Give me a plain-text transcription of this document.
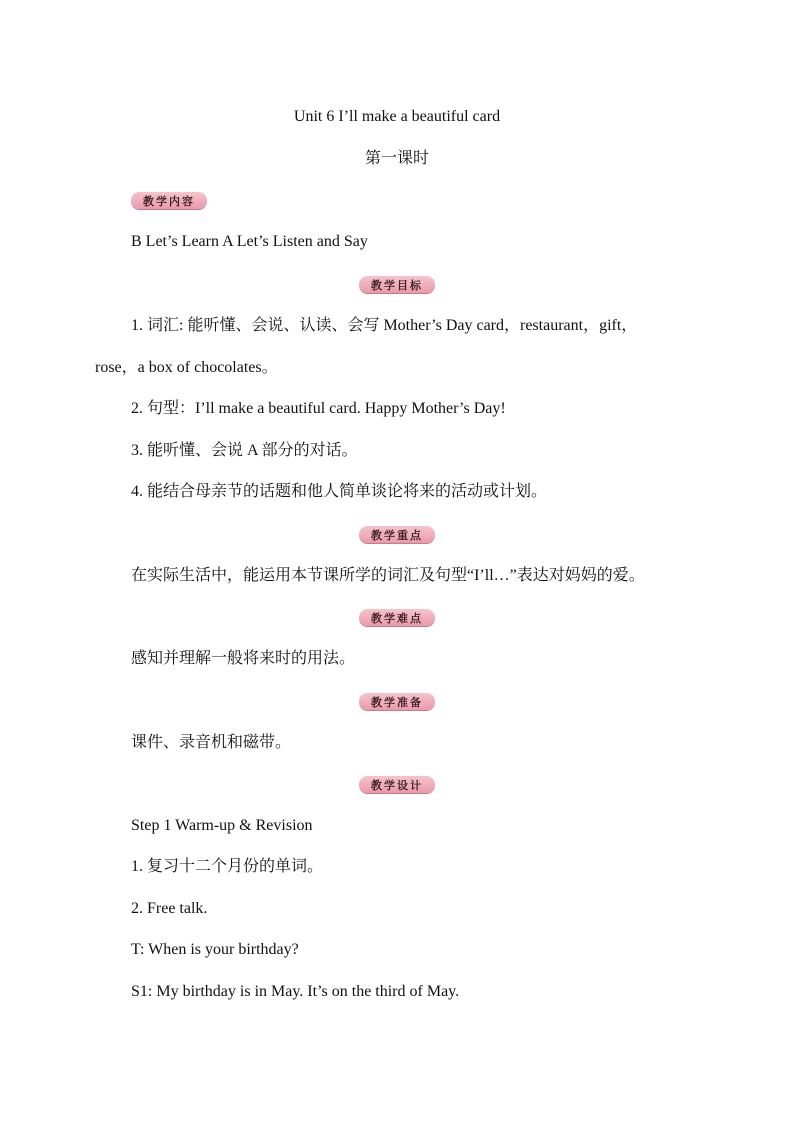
Unit 6 I’ll make a beautiful card
第一课时
教学内容
B Let’s Learn A Let’s Listen and Say
教学目标
1. 词汇: 能听懂、会说、认读、会写 Mother’s Day card，restaurant，gift，
rose，a box of chocolates。
2. 句型：I’ll make a beautiful card. Happy Mother’s Day!
3. 能听懂、会说 A 部分的对话。
4. 能结合母亲节的话题和他人简单谈论将来的活动或计划。
教学重点
在实际生活中，能运用本节课所学的词汇及句型“I’ll…”表达对妈妈的爱。
教学难点
感知并理解一般将来时的用法。
教学准备
课件、录音机和磁带。
教学设计
Step 1 Warm-up & Revision
1. 复习十二个月份的单词。
2. Free talk.
T: When is your birthday?
S1: My birthday is in May. It’s on the third of May.
